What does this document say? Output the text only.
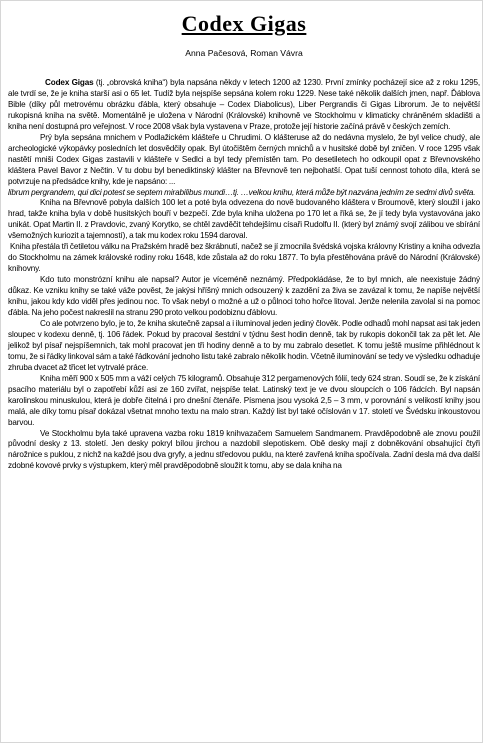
Codex Gigas
Anna Pačesová, Roman Vávra

Codex Gigas (tj. „obrovská kniha“) byla napsána někdy v letech 1200 až 1230. První zmínky pocházejí sice až z roku 1295, ale tvrdí se, že je kniha starší asi o 65 let. Tudíž byla nejspíše sepsána kolem roku 1229. Nese také několik dalších jmen, např. Ďáblova Bible (díky půl metrovému obrázku ďábla, který obsahuje – Codex Diabolicus), Liber Pergrandis či Gigas Librorum. Je to největší rukopisná kniha na světě. Momentálně je uložena v Národní (Královské) knihovně ve Stockholmu v klimaticky chráněném skladišti a kniha není dostupná pro veřejnost. V roce 2008 však byla vystavena v Praze, protože její historie začíná právě v českých zemích.

Prý byla sepsána mnichem v Podlažickém klášteře u Chrudimi. O klášteruse až do nedávna myslelo, že byl velice chudý, ale archeologické výkopávky posledních let dosvědčily opak. Byl útočištěm černých mnichů a v husitské době byl zničen. V roce 1295 však nastětí mniši Codex Gigas zastavili v klášteře v Sedlci a byl tedy přemístěn tam. Po desetiletech ho odkoupil opat z Břevnovského kláštera Pavel Bavor z Nečtin. V tu dobu byl benediktinský klášter na Břevnově ten nejbohatší. Opat tuší cennost tohoto díla, která se potvrzuje na předsádce knihy, kde je napsáno: ...

librum pergrandem, qui dici potest se septem mirabilibus mundi…tj. …velkou knihu, která může být nazvána jedním ze sedmi divů světa.

Kniha na Břevnově pobyla dalších 100 let a poté byla odvezena do nově budovaného kláštera v Broumově, který sloužil i jako hrad, takže kniha byla v době husitských bouří v bezpečí. Zde byla kniha uložena po 170 let a říká se, že jí tedy byla vystavována jako unikát. Opat Martin II. z Pravdovic, zvaný Korytko, se chtěl zavděčit tehdejšímu císaři Rudolfu II. (který byl známý svojí zálibou ve sbírání všemožných kuriozit a tajemností), a tak mu kodex roku 1594 daroval.

Kniha přestála tři četiletou válku na Pražském hradě bez škrábnutí, načež se jí zmocnila švédská vojska královny Kristiny a kniha odvezla do Stockholmu na zámek královské rodiny roku 1648, kde zůstala až do roku 1877. To byla přestěhována právě do Národní (Královské) knihovny.

Kdo tuto monstrózní knihu ale napsal? Autor je víceméně neznámý. Předpokládáse, že to byl mnich, ale neexistuje žádný důkaz. Ke vzniku knihy se také váže pověst, že jakýsi hříšný mnich odsouzený k zazdění za živa se zavázal k tomu, že napíše největší knihu, jakou kdy kdo viděl přes jedinou noc. To však nebyl o možné a už o půlnoci toho hořce litoval. Jenže nelenila zavolal si na pomoc ďábla. Na jeho počest nakreslil na stranu 290 proto velkou podobiznu ďáblovu.

Co ale potvrzeno bylo, je to, že kniha skutečně zapsal a i iluminoval jeden jediný člověk. Podle odhadů mohl napsat asi tak jeden sloupec v kodexu denně, tj. 106 řádek. Pokud by pracoval šestdní v týdnu šest hodin denně, tak by rukopis dokončil tak za pět let. Ale jelikož byl písař nejspíšemnich, tak mohl pracovat jen tři hodiny denně a to by mu zabralo desetlet. K tomu ještě musíme přihlédnout k tomu, že si řádky linkoval sám a také řádkování jednoho listu také zabralo několik hodin. Včetně iluminování se tedy ve výsledku odhaduje zhruba dvacet až třicet let vytrvalé práce.

Kniha měří 900 x 505 mm a váží celých 75 kilogramů. Obsahuje 312 pergamenových fólií, tedy 624 stran. Soudí se, že k získání psacího materiálu byl o zapotřebí kůží asi ze 160 zvířat, nejspíše telat. Latinský text je ve dvou sloupcích o 106 řádcích. Byl napsán karolinskou minuskulou, která je dobře čitelná i pro dnešní čtenáře. Písmena jsou vysoká 2,5 – 3 mm, v porovnání s velikostí knihy jsou malá, ale díky tomu písař dokázal všetnat mnoho textu na malo stran. Každý list byl také očíslován v 17. století ve Švédsku inkoustovou barvou.

Ve Stockholmu byla také upravena vazba roku 1819 knihvazačem Samuelem Sandmanem. Pravděpodobně ale znovu použil původní desky z 13. století. Jen desky pokryl bílou jirchou a nazdobil slepotiskem. Obě desky mají z dobněkování obsahující čtyři nárožnice s puklou, z nichž na každé jsou dva gryfy, a jednu středovou puklu, na které zavřená kniha spočívala. Zadní desla má dva další zdobné kovové prvky s výstupkem, který měl pravděpodobně sloužit k tomu, aby se dala kniha na
